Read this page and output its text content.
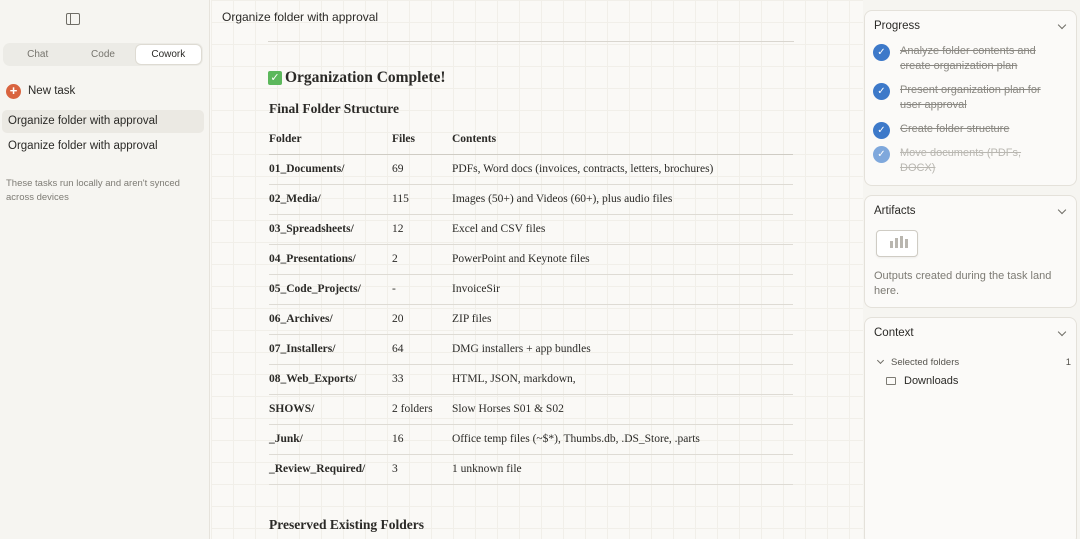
Chat	Code	Cowork
+ New task
Organize folder with approval
Organize folder with approval
These tasks run locally and aren't synced across devices
Organize folder with approval
✓ Organization Complete!
Final Folder Structure
Folder	Files	Contents
01_Documents/	69	PDFs, Word docs (invoices, contracts, letters, brochures)
02_Media/	115	Images (50+) and Videos (60+), plus audio files
03_Spreadsheets/	12	Excel and CSV files
04_Presentations/	2	PowerPoint and Keynote files
05_Code_Projects/	-	InvoiceSir
06_Archives/	20	ZIP files
07_Installers/	64	DMG installers + app bundles
08_Web_Exports/	33	HTML, JSON, markdown,
SHOWS/	2 folders	Slow Horses S01 & S02
_Junk/	16	Office temp files (~$*), Thumbs.db, .DS_Store, .parts
_Review_Required/	3	1 unknown file
Preserved Existing Folders
Progress
✓	Analyze folder contents and create organization plan
✓	Present organization plan for user approval
✓	Create folder structure
✓	Move documents (PDFs, DOCX)
Artifacts
Outputs created during the task land here.
Context
Selected folders	1
Downloads
